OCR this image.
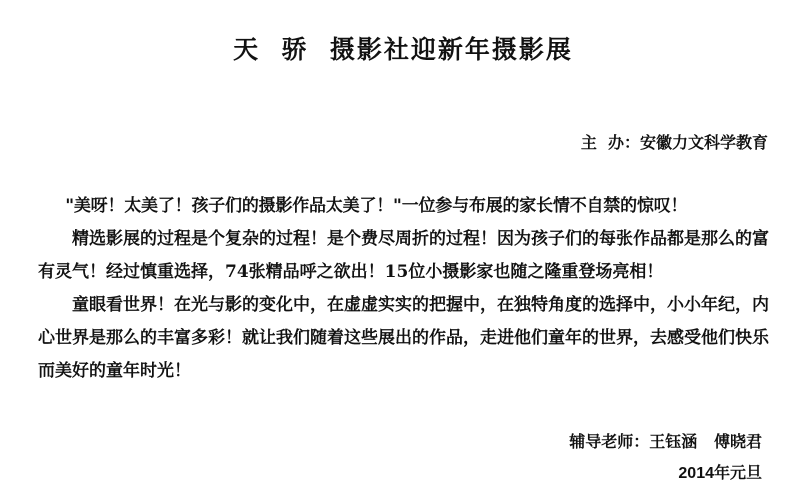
天  骄  摄影社迎新年摄影展
主  办：安徽力文科学教育

"美呀！太美了！孩子们的摄影作品太美了！"一位参与布展的家长情不自禁的惊叹！

精选影展的过程是个复杂的过程！是个费尽周折的过程！因为孩子们的每张作品都是那么的富有灵气！经过慎重选择，74张精品呼之欲出！15位小摄影家也随之隆重登场亮相！

童眼看世界！在光与影的变化中，在虚虚实实的把握中，在独特角度的选择中，小小年纪，内心世界是那么的丰富多彩！就让我们随着这些展出的作品，走进他们童年的世界，去感受他们快乐而美好的童年时光！

辅导老师：王钰涵   傅晓君
2014年元旦
